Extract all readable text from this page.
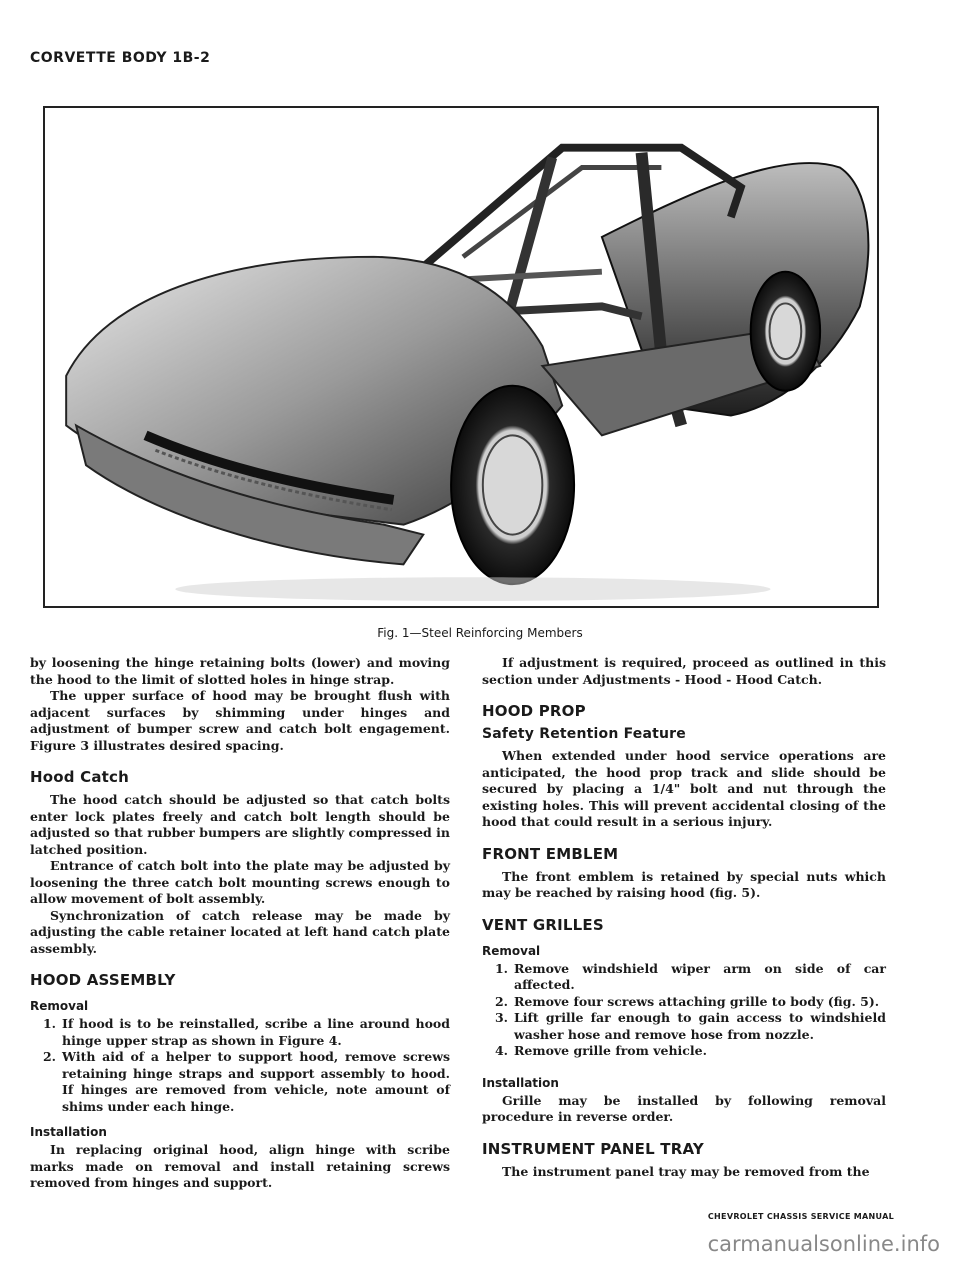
CORVETTE BODY 1B-2
Fig. 1—Steel Reinforcing Members

by loosening the hinge retaining bolts (lower) and moving the hood to the limit of slotted holes in hinge strap.

The upper surface of hood may be brought flush with adjacent surfaces by shimming under hinges and adjustment of bumper screw and catch bolt engagement. Figure 3 illustrates desired spacing.

Hood Catch

The hood catch should be adjusted so that catch bolts enter lock plates freely and catch bolt length should be adjusted so that rubber bumpers are slightly compressed in latched position.

Entrance of catch bolt into the plate may be adjusted by loosening the three catch bolt mounting screws enough to allow movement of bolt assembly.

Synchronization of catch release may be made by adjusting the cable retainer located at left hand catch plate assembly.

HOOD ASSEMBLY
Removal
1. If hood is to be reinstalled, scribe a line around hood hinge upper strap as shown in Figure 4.
2. With aid of a helper to support hood, remove screws retaining hinge straps and support assembly to hood. If hinges are removed from vehicle, note amount of shims under each hinge.
Installation

In replacing original hood, align hinge with scribe marks made on removal and install retaining screws removed from hinges and support.

If adjustment is required, proceed as outlined in this section under Adjustments - Hood - Hood Catch.

HOOD PROP
Safety Retention Feature

When extended under hood service operations are anticipated, the hood prop track and slide should be secured by placing a 1/4" bolt and nut through the existing holes. This will prevent accidental closing of the hood that could result in a serious injury.

FRONT EMBLEM

The front emblem is retained by special nuts which may be reached by raising hood (fig. 5).

VENT GRILLES
Removal
1. Remove windshield wiper arm on side of car affected.
2. Remove four screws attaching grille to body (fig. 5).
3. Lift grille far enough to gain access to windshield washer hose and remove hose from nozzle.
4. Remove grille from vehicle.
Installation

Grille may be installed by following removal procedure in reverse order.

INSTRUMENT PANEL TRAY

The instrument panel tray may be removed from the

CHEVROLET CHASSIS SERVICE MANUAL
carmanualsonline.info
